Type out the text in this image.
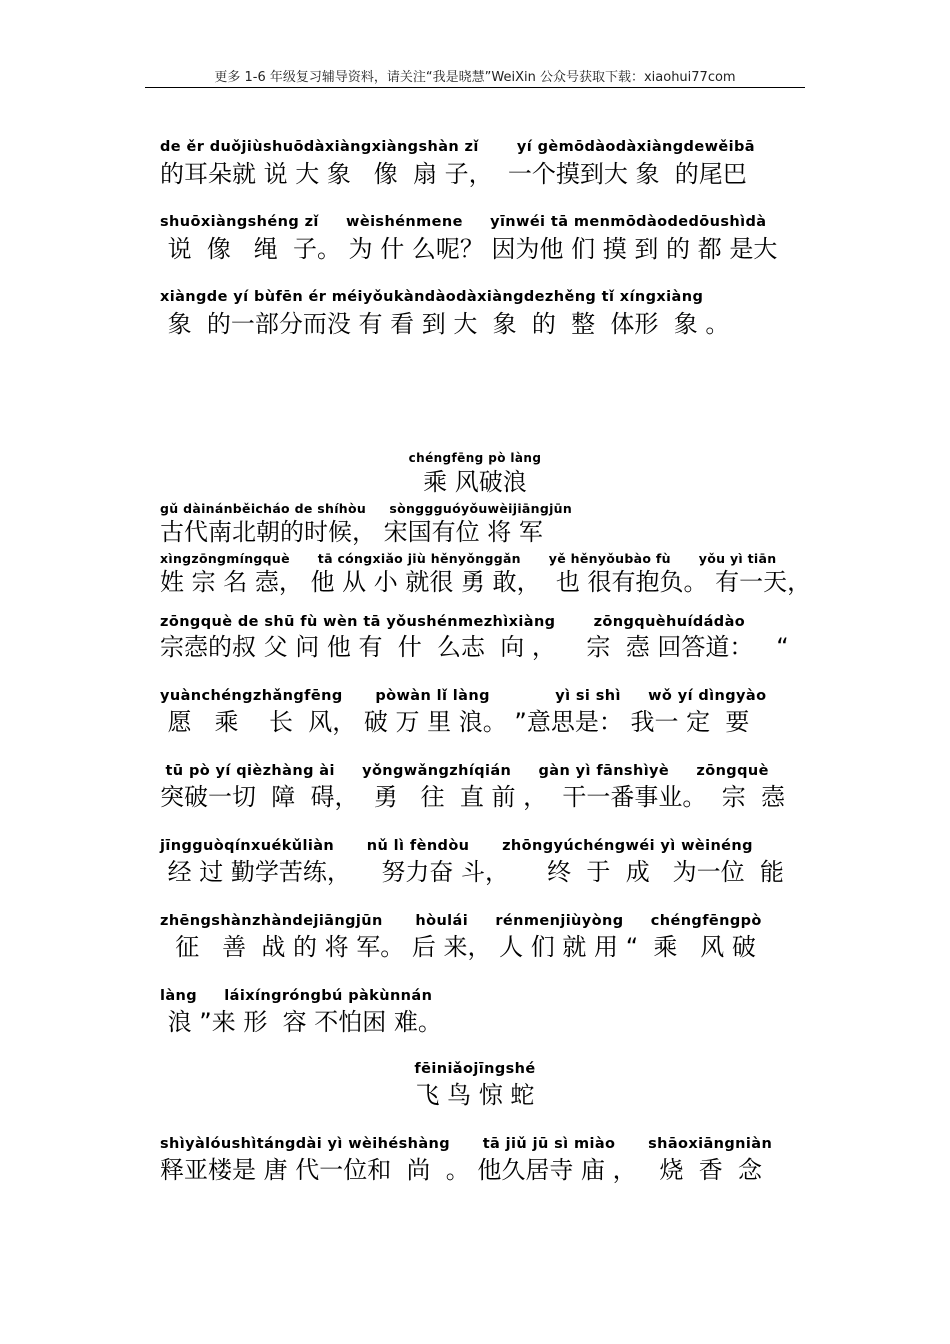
更多 1-6 年级复习辅导资料，请关注“我是晓慧”WeiXin 公众号获取下载：xiaohui77com
de ěr duǒjiùshuōdàxiàngxiàngshàn zǐ       yí gèmōdàodàxiàngdewěibā
的耳朵就 说 大 象   像  扇 子，  一个摸到大 象  的尾巴
shuōxiàngshéng zǐ     wèishénmene     yīnwéi tā menmōdàodedōushìdà
说  像   绳  子。 为 什 么呢？ 因为他 们 摸 到 的 都 是大
xiàngde yí bùfēn ér méiyǒukàndàodàxiàngdezhěng tǐ xíngxiàng
象  的一部分而没 有 看 到 大  象  的  整  体形  象 。
chéngfēng pò làng
乘 风破浪
gǔ dàinánběicháo de shíhòu     sònggguóyǒuwèijiāngjūn
古代南北朝的时候， 宋国有位 将 军
xìngzōngmíngquè      tā cóngxiǎo jiù hěnyǒnggǎn      yě hěnyǒubào fù      yǒu yì tiān
姓 宗 名 悫， 他 从 小 就很 勇 敢，  也 很有抱负。 有一天，
zōngquè de shū fù wèn tā yǒushénmezhìxiàng       zōngquèhuídádào
宗悫的叔 父 问 他 有  什  么志  向 ，    宗  悫 回答道：   “
yuànchéngzhǎngfēng      pòwàn lǐ làng            yì si shì     wǒ yí dìngyào
愿   乘    长  风， 破 万 里 浪。 ”意思是： 我一 定  要
tū pò yí qièzhàng ài     yǒngwǎngzhíqián     gàn yì fānshìyè     zōngquè
突破一切  障  碍，  勇   往  直 前 ，  干一番事业。  宗  悫
jīngguòqínxuékǔliàn      nǔ lì fèndòu      zhōngyúchéngwéi yì wèinéng
经 过 勤学苦练，    努力奋 斗，     终  于  成   为一位  能
zhēngshànzhàndejiāngjūn      hòulái     rénmenjiùyòng     chéngfēngpò
征   善  战 的 将 军。 后 来， 人 们 就 用 “  乘   风 破
làng     láixíngróngbú pàkùnnán
浪 ”来 形  容 不怕困 难。
fēiniǎojīngshé
飞 鸟 惊 蛇
shìyàlóushìtángdài yì wèihéshàng      tā jiǔ jū sì miào      shāoxiāngniàn
释亚楼是 唐 代一位和  尚  。 他久居寺 庙 ，   烧  香  念
